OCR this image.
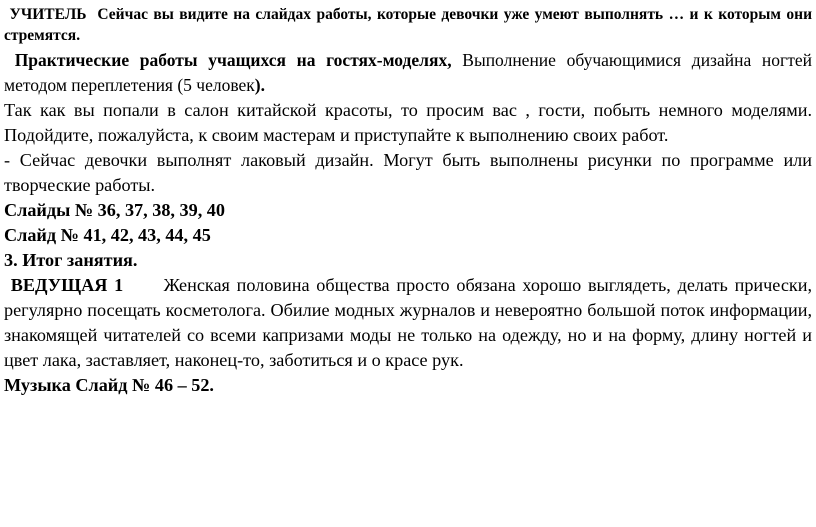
УЧИТЕЛЬ Сейчас вы видите на слайдах работы, которые девочки уже умеют выполнять … и к которым они стремятся.

Практические работы учащихся на гостях-моделях, Выполнение обучающимися дизайна ногтей методом переплетения (5 человек).

Так как вы попали в салон китайской красоты, то просим вас , гости, побыть немного моделями. Подойдите, пожалуйста, к своим мастерам и приступайте к выполнению своих работ.

- Сейчас девочки выполнят лаковый дизайн. Могут быть выполнены рисунки по программе или творческие работы.

Слайды № 36, 37, 38, 39, 40

Слайд № 41, 42, 43, 44, 45

3. Итог занятия.

ВЕДУЩАЯ 1 Женская половина общества просто обязана хорошо выглядеть, делать прически, регулярно посещать косметолога. Обилие модных журналов и невероятно большой поток информации, знакомящей читателей со всеми капризами моды не только на одежду, но и на форму, длину ногтей и цвет лака, заставляет, наконец-то, заботиться и о красе рук.

Музыка Слайд № 46 – 52.
